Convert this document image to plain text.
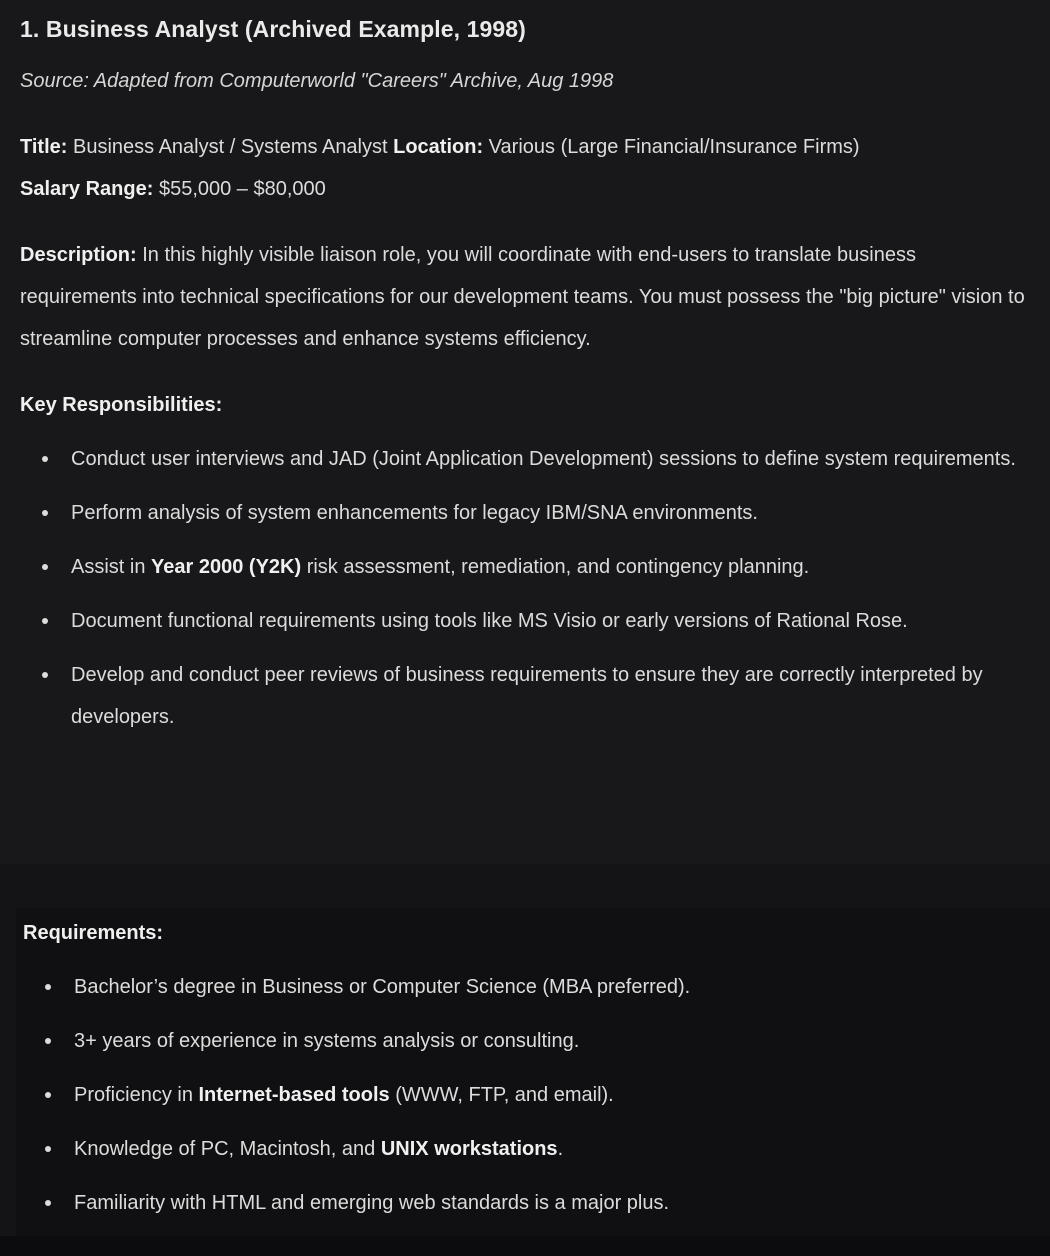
1. Business Analyst (Archived Example, 1998)

Source: Adapted from Computerworld "Careers" Archive, Aug 1998

Title: Business Analyst / Systems Analyst Location: Various (Large Financial/Insurance Firms)
Salary Range: $55,000 – $80,000

Description: In this highly visible liaison role, you will coordinate with end-users to translate business requirements into technical specifications for our development teams. You must possess the "big picture" vision to streamline computer processes and enhance systems efficiency.

Key Responsibilities:

Conduct user interviews and JAD (Joint Application Development) sessions to define system requirements.
Perform analysis of system enhancements for legacy IBM/SNA environments.
Assist in Year 2000 (Y2K) risk assessment, remediation, and contingency planning.
Document functional requirements using tools like MS Visio or early versions of Rational Rose.
Develop and conduct peer reviews of business requirements to ensure they are correctly interpreted by developers.

Requirements:

Bachelor’s degree in Business or Computer Science (MBA preferred).
3+ years of experience in systems analysis or consulting.
Proficiency in Internet-based tools (WWW, FTP, and email).
Knowledge of PC, Macintosh, and UNIX workstations.
Familiarity with HTML and emerging web standards is a major plus.
